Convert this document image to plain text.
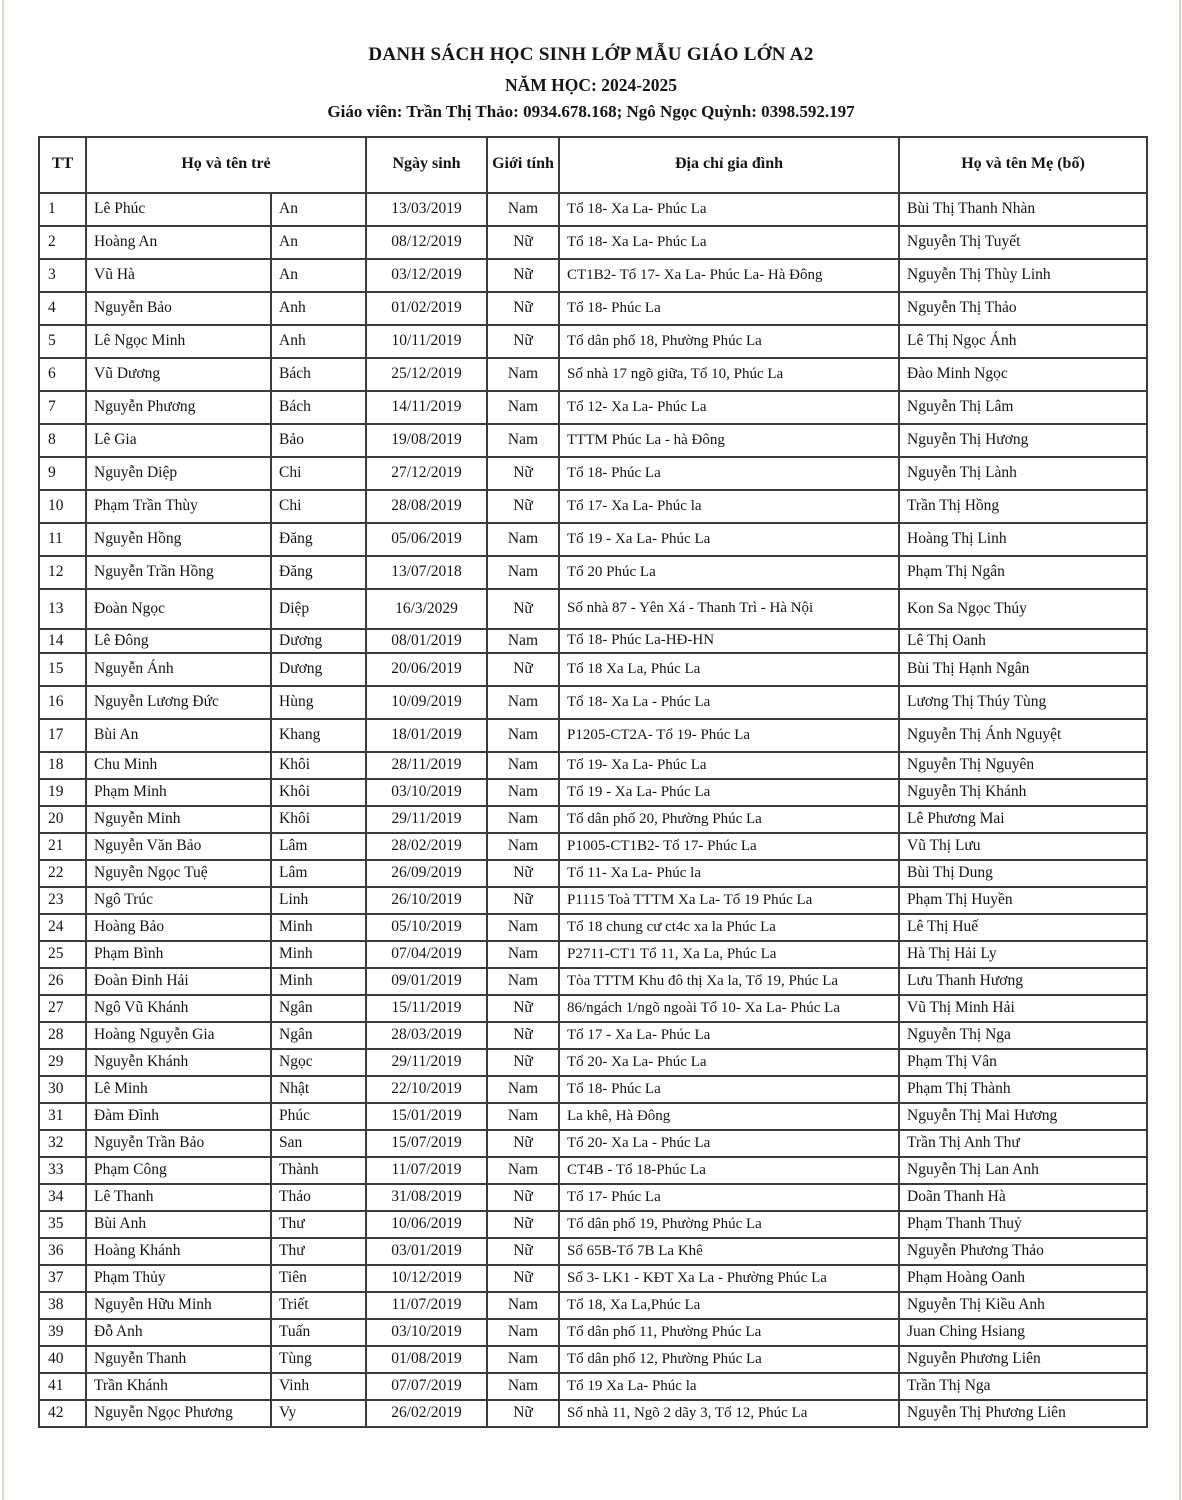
DANH SÁCH HỌC SINH LỚP MẪU GIÁO LỚN A2
NĂM HỌC: 2024-2025
Giáo viên: Trần Thị Thảo: 0934.678.168; Ngô Ngọc Quỳnh: 0398.592.197
TT	Họ và tên trẻ		Ngày sinh	Giới tính	Địa chỉ gia đình	Họ và tên Mẹ (bố)
1	Lê Phúc	An	13/03/2019	Nam	Tổ 18- Xa La- Phúc La	Bùi Thị Thanh Nhàn
2	Hoàng An	An	08/12/2019	Nữ	Tổ 18- Xa La- Phúc La	Nguyễn Thị Tuyết
3	Vũ Hà	An	03/12/2019	Nữ	CT1B2- Tổ 17- Xa La- Phúc La- Hà Đông	Nguyễn Thị Thùy Linh
4	Nguyễn Bảo	Anh	01/02/2019	Nữ	Tổ 18- Phúc La	Nguyễn Thị Thảo
5	Lê Ngọc Minh	Anh	10/11/2019	Nữ	Tổ dân phố 18, Phường Phúc La	Lê Thị Ngọc Ánh
6	Vũ Dương	Bách	25/12/2019	Nam	Số nhà 17 ngõ giữa, Tổ 10, Phúc La	Đào Minh Ngọc
7	Nguyễn Phương	Bách	14/11/2019	Nam	Tổ 12- Xa La- Phúc La	Nguyễn Thị Lâm
8	Lê Gia	Bảo	19/08/2019	Nam	TTTM Phúc La - hà Đông	Nguyễn Thị Hương
9	Nguyễn Diệp	Chi	27/12/2019	Nữ	Tổ 18- Phúc La	Nguyễn Thị Lành
10	Phạm Trần Thùy	Chi	28/08/2019	Nữ	Tổ 17- Xa La- Phúc la	Trần Thị Hồng
11	Nguyễn Hồng	Đăng	05/06/2019	Nam	Tổ 19 - Xa La- Phúc La	Hoàng Thị Linh
12	Nguyễn Trần Hồng	Đăng	13/07/2018	Nam	Tổ 20 Phúc La	Phạm Thị Ngân
13	Đoàn Ngọc	Diệp	16/3/2029	Nữ	Số nhà 87 - Yên Xá - Thanh Trì - Hà Nội	Kon Sa Ngọc Thúy
14	Lê Đông	Dương	08/01/2019	Nam	Tổ 18- Phúc La-HĐ-HN	Lê Thị Oanh
15	Nguyễn Ánh	Dương	20/06/2019	Nữ	Tổ 18 Xa La, Phúc La	Bùi Thị Hạnh Ngân
16	Nguyễn Lương Đức	Hùng	10/09/2019	Nam	Tổ 18- Xa La - Phúc La	Lương Thị Thúy Tùng
17	Bùi An	Khang	18/01/2019	Nam	P1205-CT2A- Tổ 19- Phúc La	Nguyễn Thị Ánh Nguyệt
18	Chu Minh	Khôi	28/11/2019	Nam	Tổ 19- Xa La- Phúc La	Nguyễn Thị Nguyên
19	Phạm Minh	Khôi	03/10/2019	Nam	Tổ 19 - Xa La- Phúc La	Nguyễn Thị Khánh
20	Nguyễn Minh	Khôi	29/11/2019	Nam	Tổ dân phố 20, Phường Phúc La	Lê Phương Mai
21	Nguyễn Văn Bảo	Lâm	28/02/2019	Nam	P1005-CT1B2- Tổ 17- Phúc La	Vũ Thị Lưu
22	Nguyễn Ngọc Tuệ	Lâm	26/09/2019	Nữ	Tổ 11- Xa La- Phúc la	Bùi Thị Dung
23	Ngô Trúc	Linh	26/10/2019	Nữ	P1115 Toà TTTM Xa La- Tổ 19 Phúc La	Phạm Thị Huyền
24	Hoàng Bảo	Minh	05/10/2019	Nam	Tổ 18 chung cư ct4c xa la Phúc La	Lê Thị Huế
25	Phạm Bình	Minh	07/04/2019	Nam	P2711-CT1 Tổ 11, Xa La, Phúc La	Hà Thị Hải Ly
26	Đoàn Đinh Hải	Minh	09/01/2019	Nam	Tòa TTTM Khu đô thị Xa la, Tổ 19, Phúc La	Lưu Thanh Hương
27	Ngô Vũ Khánh	Ngân	15/11/2019	Nữ	86/ngách 1/ngõ ngoài Tổ 10- Xa La- Phúc La	Vũ Thị Minh Hải
28	Hoàng Nguyễn Gia	Ngân	28/03/2019	Nữ	Tổ 17 - Xa La- Phúc La	Nguyễn Thị Nga
29	Nguyễn Khánh	Ngọc	29/11/2019	Nữ	Tổ 20- Xa La- Phúc La	Phạm Thị Vân
30	Lê Minh	Nhật	22/10/2019	Nam	Tổ 18- Phúc La	Phạm Thị Thành
31	Đàm Đình	Phúc	15/01/2019	Nam	La khê, Hà Đông	Nguyễn Thị Mai Hương
32	Nguyễn Trần Bảo	San	15/07/2019	Nữ	Tổ 20- Xa La - Phúc La	Trần Thị Anh Thư
33	Phạm Công	Thành	11/07/2019	Nam	CT4B - Tổ 18-Phúc La	Nguyễn Thị Lan Anh
34	Lê Thanh	Thảo	31/08/2019	Nữ	Tổ 17- Phúc La	Doãn Thanh Hà
35	Bùi Anh	Thư	10/06/2019	Nữ	Tổ dân phố 19, Phường Phúc La	Phạm Thanh Thuỷ
36	Hoàng Khánh	Thư	03/01/2019	Nữ	Số 65B-Tổ 7B La Khê	Nguyễn Phương Thảo
37	Phạm Thủy	Tiên	10/12/2019	Nữ	Số 3- LK1 - KĐT Xa La - Phường Phúc La	Phạm Hoàng Oanh
38	Nguyễn Hữu Minh	Triết	11/07/2019	Nam	Tổ 18, Xa La,Phúc La	Nguyễn Thị Kiều Anh
39	Đỗ Anh	Tuấn	03/10/2019	Nam	Tổ dân phố 11, Phường Phúc La	Juan Ching Hsiang
40	Nguyễn Thanh	Tùng	01/08/2019	Nam	Tổ dân phố 12, Phường Phúc La	Nguyễn Phương Liên
41	Trần Khánh	Vinh	07/07/2019	Nam	Tổ 19 Xa La- Phúc la	Trần Thị Nga
42	Nguyễn Ngọc Phương	Vy	26/02/2019	Nữ	Số nhà 11, Ngõ 2 dãy 3, Tổ 12, Phúc La	Nguyễn Thị Phương Liên
